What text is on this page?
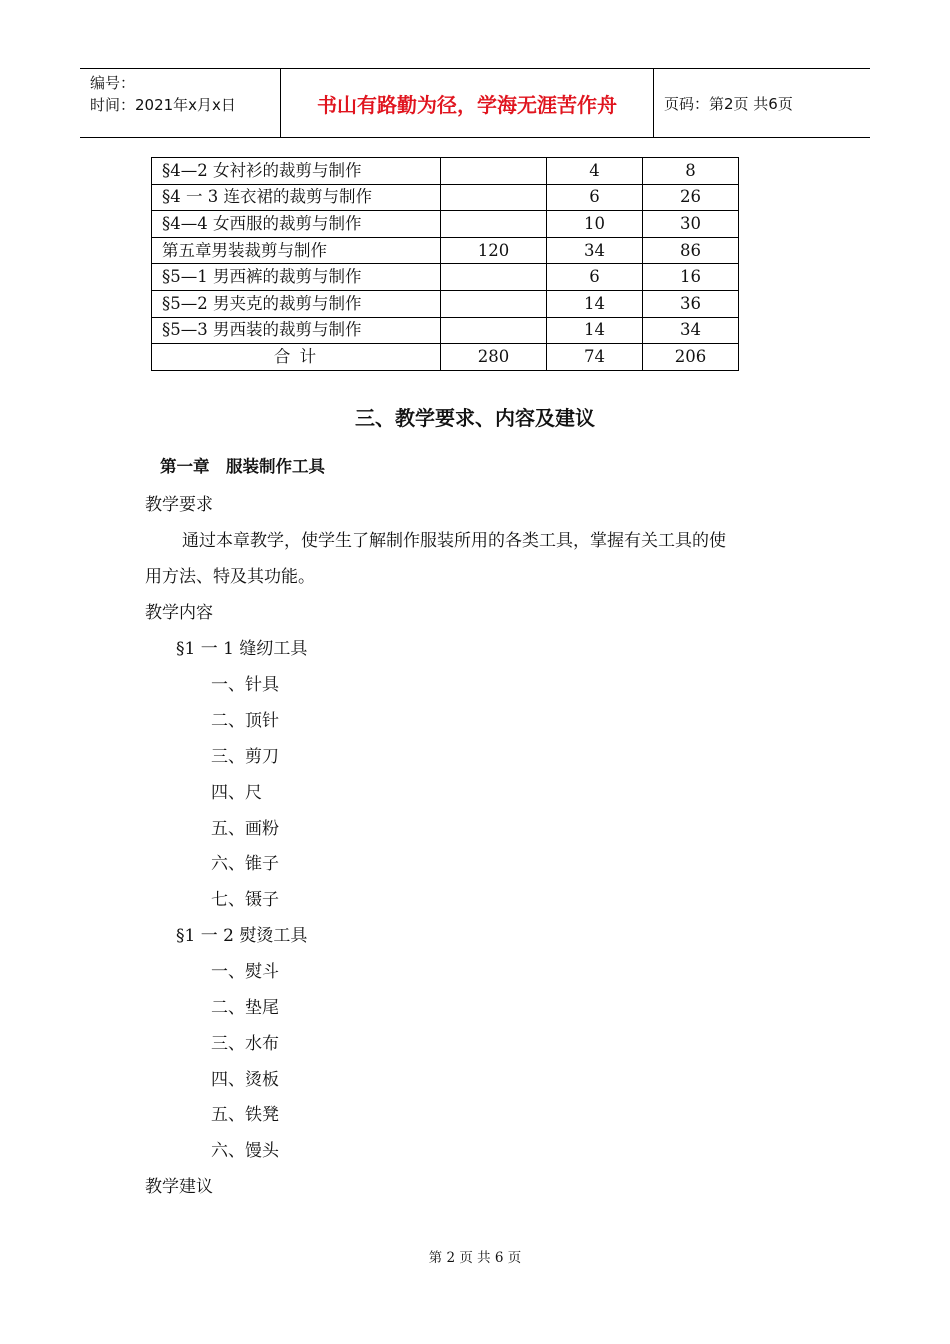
编号：
时间：2021年x月x日	书山有路勤为径，学海无涯苦作舟	页码：第2页 共6页
§4—2 女衬衫的裁剪与制作		4	8
§4 一 3 连衣裙的裁剪与制作		6	26
§4—4 女西服的裁剪与制作		10	30
第五章男装裁剪与制作	120	34	86
§5—1 男西裤的裁剪与制作		6	16
§5—2 男夹克的裁剪与制作		14	36
§5—3 男西装的裁剪与制作		14	34
合 计	280	74	206
三、教学要求、内容及建议
第一章　服装制作工具
教学要求
通过本章教学，使学生了解制作服装所用的各类工具，掌握有关工具的使
用方法、特及其功能。
教学内容
§1 一 1 缝纫工具
一、针具
二、顶针
三、剪刀
四、尺
五、画粉
六、锥子
七、镊子
§1 一 2 熨烫工具
一、熨斗
二、垫尾
三、水布
四、烫板
五、铁凳
六、馒头
教学建议
第 2 页 共 6 页
